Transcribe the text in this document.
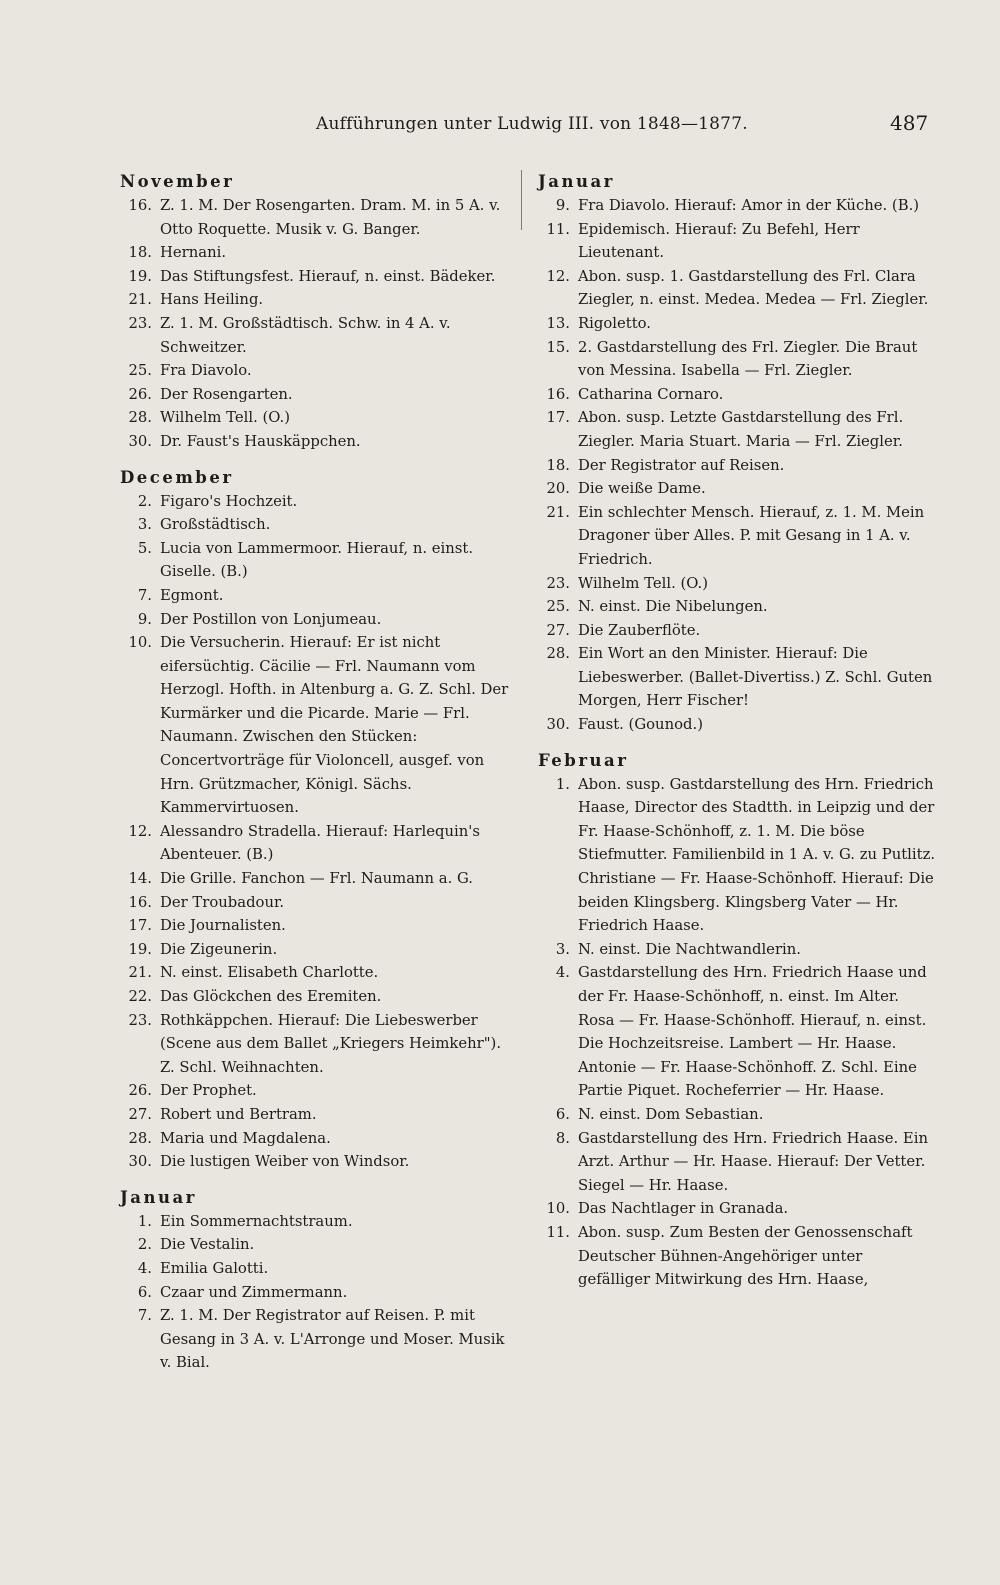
Aufführungen unter Ludwig III. von 1848—1877.	487
November
16. Z. 1. M. Der Rosengarten. Dram. M. in 5 A. v. Otto Roquette. Musik v. G. Banger.
18. Hernani.
19. Das Stiftungsfest. Hierauf, n. einst. Bädeker.
21. Hans Heiling.
23. Z. 1. M. Großstädtisch. Schw. in 4 A. v. Schweitzer.
25. Fra Diavolo.
26. Der Rosengarten.
28. Wilhelm Tell. (O.)
30. Dr. Faust's Hauskäppchen.
December
2. Figaro's Hochzeit.
3. Großstädtisch.
5. Lucia von Lammermoor. Hierauf, n. einst. Giselle. (B.)
7. Egmont.
9. Der Postillon von Lonjumeau.
10. Die Versucherin. Hierauf: Er ist nicht eifersüchtig. Cäcilie — Frl. Naumann vom Herzogl. Hofth. in Altenburg a. G. Z. Schl. Der Kurmärker und die Picarde. Marie — Frl. Naumann. Zwischen den Stücken: Concertvorträge für Violoncell, ausgef. von Hrn. Grützmacher, Königl. Sächs. Kammervirtuosen.
12. Alessandro Stradella. Hierauf: Harlequin's Abenteuer. (B.)
14. Die Grille. Fanchon — Frl. Naumann a. G.
16. Der Troubadour.
17. Die Journalisten.
19. Die Zigeunerin.
21. N. einst. Elisabeth Charlotte.
22. Das Glöckchen des Eremiten.
23. Rothkäppchen. Hierauf: Die Liebeswerber (Scene aus dem Ballet „Kriegers Heimkehr"). Z. Schl. Weihnachten.
26. Der Prophet.
27. Robert und Bertram.
28. Maria und Magdalena.
30. Die lustigen Weiber von Windsor.
Januar
1. Ein Sommernachtstraum.
2. Die Vestalin.
4. Emilia Galotti.
6. Czaar und Zimmermann.
7. Z. 1. M. Der Registrator auf Reisen. P. mit Gesang in 3 A. v. L'Arronge und Moser. Musik v. Bial.
Januar
9. Fra Diavolo. Hierauf: Amor in der Küche. (B.)
11. Epidemisch. Hierauf: Zu Befehl, Herr Lieutenant.
12. Abon. susp. 1. Gastdarstellung des Frl. Clara Ziegler, n. einst. Medea. Medea — Frl. Ziegler.
13. Rigoletto.
15. 2. Gastdarstellung des Frl. Ziegler. Die Braut von Messina. Isabella — Frl. Ziegler.
16. Catharina Cornaro.
17. Abon. susp. Letzte Gastdarstellung des Frl. Ziegler. Maria Stuart. Maria — Frl. Ziegler.
18. Der Registrator auf Reisen.
20. Die weiße Dame.
21. Ein schlechter Mensch. Hierauf, z. 1. M. Mein Dragoner über Alles. P. mit Gesang in 1 A. v. Friedrich.
23. Wilhelm Tell. (O.)
25. N. einst. Die Nibelungen.
27. Die Zauberflöte.
28. Ein Wort an den Minister. Hierauf: Die Liebeswerber. (Ballet-Divertiss.) Z. Schl. Guten Morgen, Herr Fischer!
30. Faust. (Gounod.)
Februar
1. Abon. susp. Gastdarstellung des Hrn. Friedrich Haase, Director des Stadtth. in Leipzig und der Fr. Haase-Schönhoff, z. 1. M. Die böse Stiefmutter. Familienbild in 1 A. v. G. zu Putlitz. Christiane — Fr. Haase-Schönhoff. Hierauf: Die beiden Klingsberg. Klingsberg Vater — Hr. Friedrich Haase.
3. N. einst. Die Nachtwandlerin.
4. Gastdarstellung des Hrn. Friedrich Haase und der Fr. Haase-Schönhoff, n. einst. Im Alter. Rosa — Fr. Haase-Schönhoff. Hierauf, n. einst. Die Hochzeitsreise. Lambert — Hr. Haase. Antonie — Fr. Haase-Schönhoff. Z. Schl. Eine Partie Piquet. Rocheferrier — Hr. Haase.
6. N. einst. Dom Sebastian.
8. Gastdarstellung des Hrn. Friedrich Haase. Ein Arzt. Arthur — Hr. Haase. Hierauf: Der Vetter. Siegel — Hr. Haase.
10. Das Nachtlager in Granada.
11. Abon. susp. Zum Besten der Genossenschaft Deutscher Bühnen-Angehöriger unter gefälliger Mitwirkung des Hrn. Haase,
